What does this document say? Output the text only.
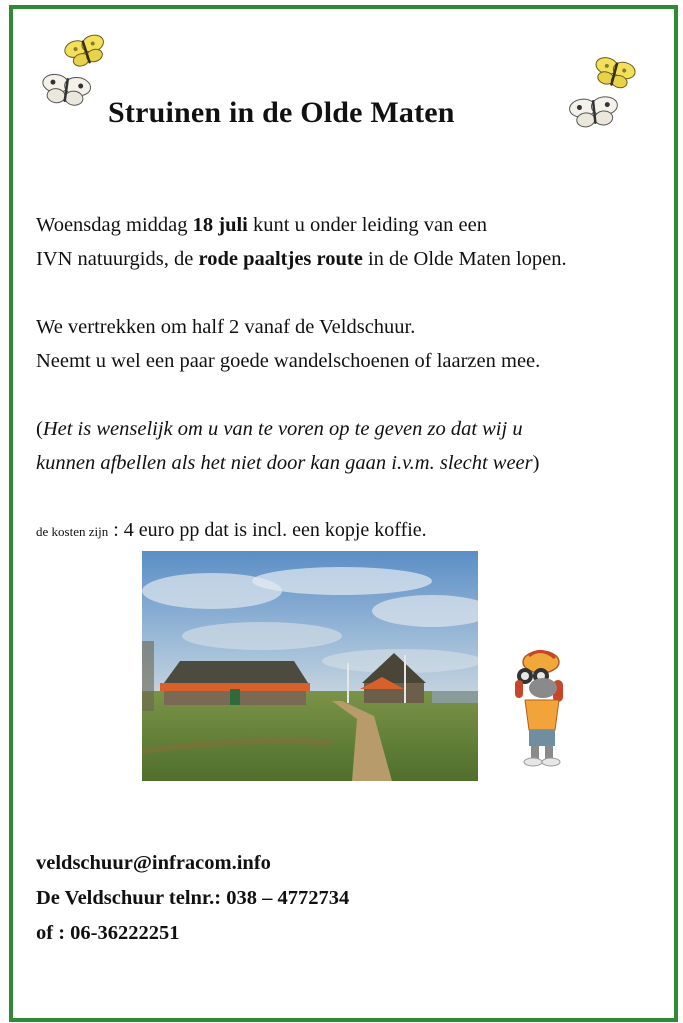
Struinen in de Olde Maten
Woensdag middag 18 juli kunt u onder leiding van een
IVN natuurgids, de rode paaltjes route in de Olde Maten lopen.
We vertrekken om half 2 vanaf de Veldschuur.
Neemt u wel een paar goede wandelschoenen of laarzen mee.
(Het is wenselijk om u van te voren op te geven zo dat wij u
kunnen afbellen als het niet door kan gaan i.v.m. slecht weer)
de kosten zijn : 4 euro pp dat is incl. een kopje koffie.
veldschuur@infracom.info
De Veldschuur telnr.: 038 – 4772734
of : 06-36222251
